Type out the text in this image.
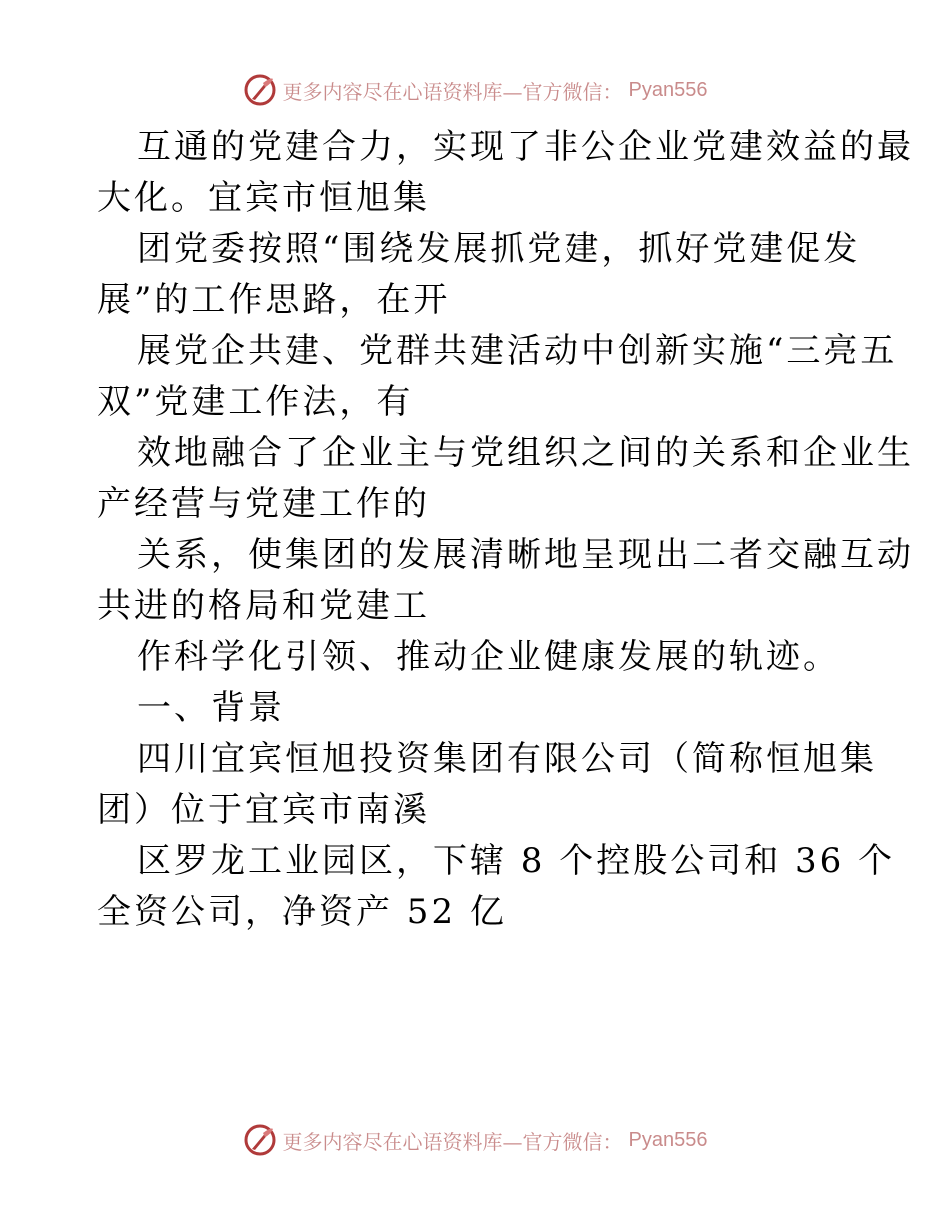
更多内容尽在心语资料库—官方微信： Pyan556
互通的党建合力，实现了非公企业党建效益的最
大化。宜宾市恒旭集
团党委按照“围绕发展抓党建，抓好党建促发
展”的工作思路，在开
展党企共建、党群共建活动中创新实施“三亮五
双”党建工作法，有
效地融合了企业主与党组织之间的关系和企业生
产经营与党建工作的
关系，使集团的发展清晰地呈现出二者交融互动
共进的格局和党建工
作科学化引领、推动企业健康发展的轨迹。
一、背景
四川宜宾恒旭投资集团有限公司（简称恒旭集
团）位于宜宾市南溪
区罗龙工业园区，下辖 8 个控股公司和 36 个
全资公司，净资产 52 亿
更多内容尽在心语资料库—官方微信： Pyan556
